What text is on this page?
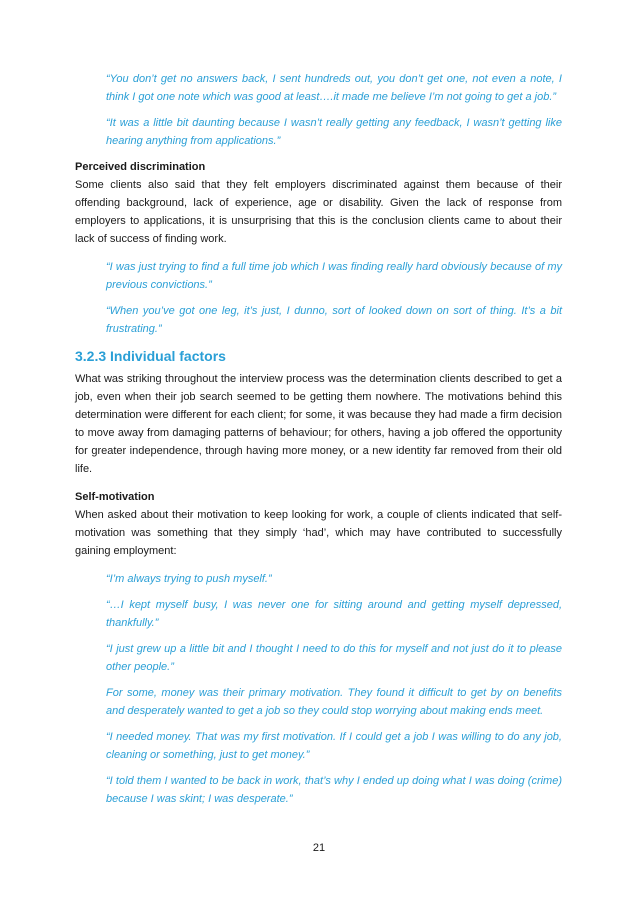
“You don’t get no answers back, I sent hundreds out, you don’t get one, not even a note, I think I got one note which was good at least….it made me believe I’m not going to get a job.”

“It was a little bit daunting because I wasn’t really getting any feedback, I wasn’t getting like hearing anything from applications.”

Perceived discrimination

Some clients also said that they felt employers discriminated against them because of their offending background, lack of experience, age or disability. Given the lack of response from employers to applications, it is unsurprising that this is the conclusion clients came to about their lack of success of finding work.

“I was just trying to find a full time job which I was finding really hard obviously because of my previous convictions.”

“When you’ve got one leg, it’s just, I dunno, sort of looked down on sort of thing. It’s a bit frustrating.”

3.2.3 Individual factors

What was striking throughout the interview process was the determination clients described to get a job, even when their job search seemed to be getting them nowhere. The motivations behind this determination were different for each client; for some, it was because they had made a firm decision to move away from damaging patterns of behaviour; for others, having a job offered the opportunity for greater independence, through having more money, or a new identity far removed from their old life.

Self-motivation

When asked about their motivation to keep looking for work, a couple of clients indicated that self-motivation was something that they simply ‘had’, which may have contributed to successfully gaining employment:

“I’m always trying to push myself.”

“…I kept myself busy, I was never one for sitting around and getting myself depressed, thankfully.”

“I just grew up a little bit and I thought I need to do this for myself and not just do it to please other people.”

For some, money was their primary motivation. They found it difficult to get by on benefits and desperately wanted to get a job so they could stop worrying about making ends meet.

“I needed money. That was my first motivation. If I could get a job I was willing to do any job, cleaning or something, just to get money.”

“I told them I wanted to be back in work, that’s why I ended up doing what I was doing (crime) because I was skint; I was desperate.”

21
